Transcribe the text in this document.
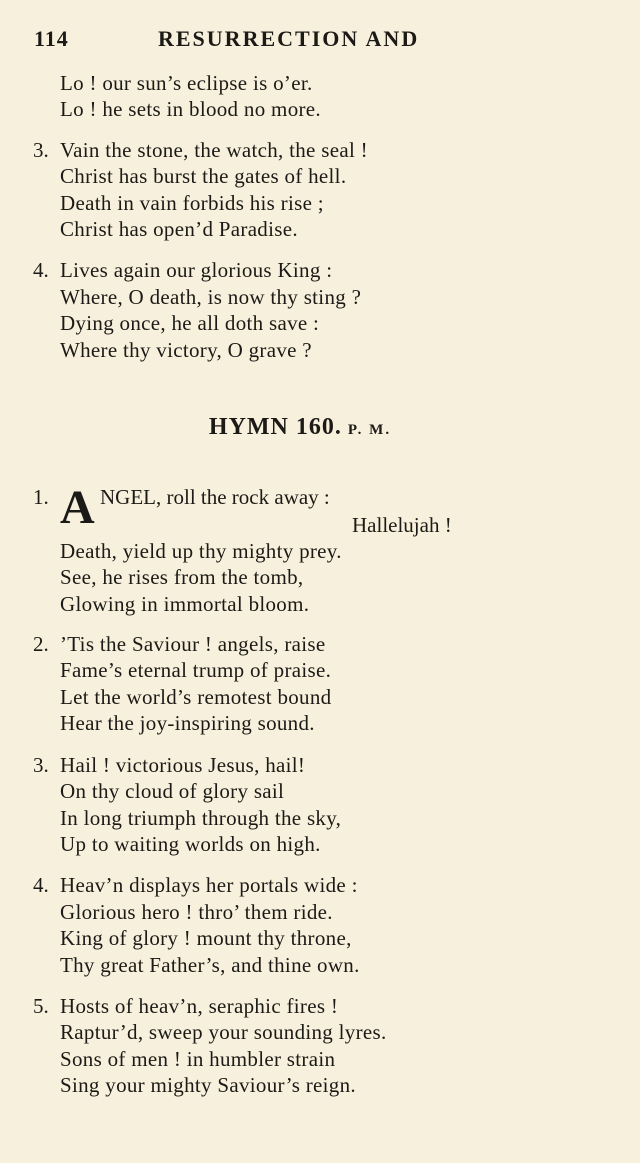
114	RESURRECTION AND
Lo ! our sun’s eclipse is o’er.
Lo ! he sets in blood no more.
3. Vain the stone, the watch, the seal !
Christ has burst the gates of hell.
Death in vain forbids his rise ;
Christ has open’d Paradise.
4. Lives again our glorious King :
Where, O death, is now thy sting ?
Dying once, he all doth save :
Where thy victory, O grave ?
HYMN 160. P. M.
1. A NGEL, roll the rock away :
Hallelujah !
Death, yield up thy mighty prey.
See, he rises from the tomb,
Glowing in immortal bloom.
2. ’Tis the Saviour ! angels, raise
Fame’s eternal trump of praise.
Let the world’s remotest bound
Hear the joy-inspiring sound.
3. Hail ! victorious Jesus, hail!
On thy cloud of glory sail
In long triumph through the sky,
Up to waiting worlds on high.
4. Heav’n displays her portals wide :
Glorious hero ! thro’ them ride.
King of glory ! mount thy throne,
Thy great Father’s, and thine own.
5. Hosts of heav’n, seraphic fires !
Raptur’d, sweep your sounding lyres.
Sons of men ! in humbler strain
Sing your mighty Saviour’s reign.
